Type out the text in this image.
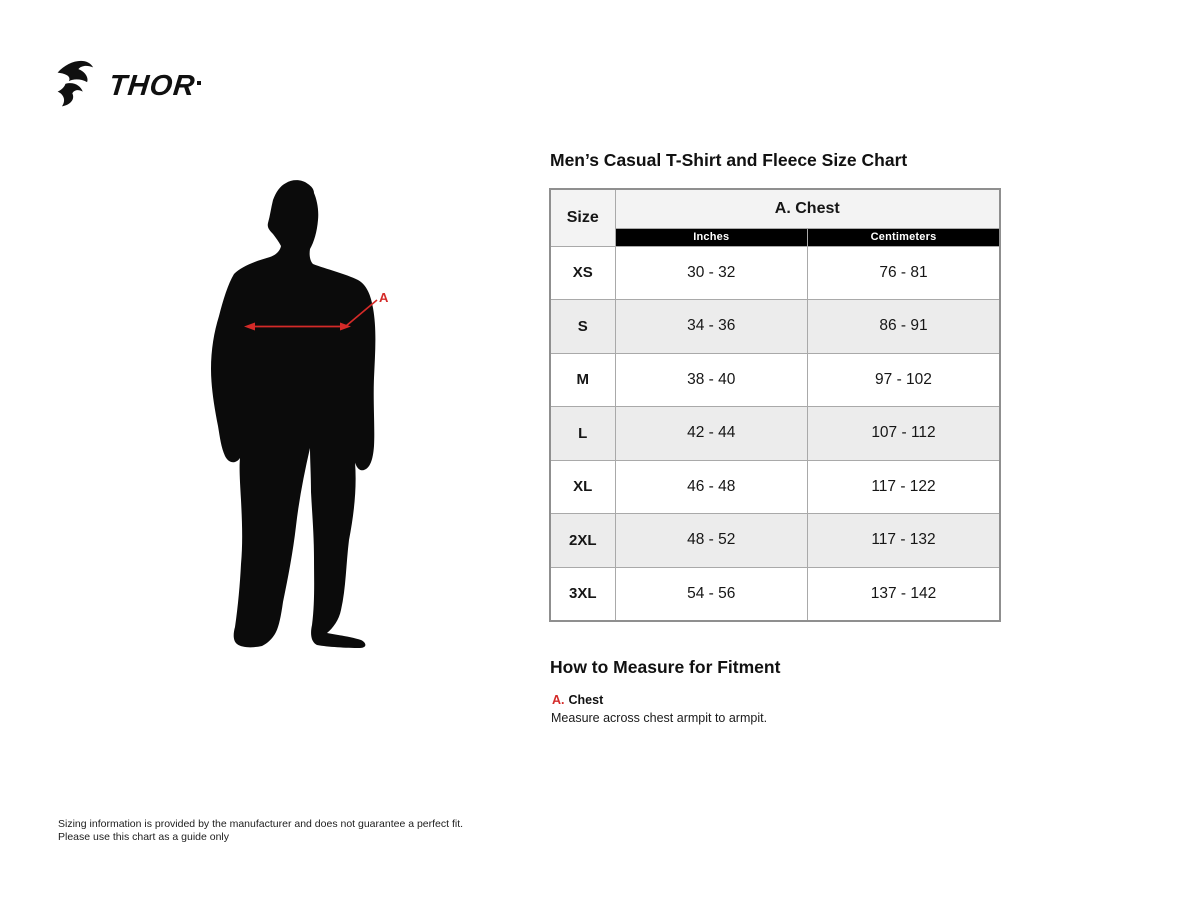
THOR
A
Men’s Casual T-Shirt and Fleece Size Chart
Size	A. Chest	
	Inches	Centimeters
XS	30 - 32	76 - 81
S	34 - 36	86 - 91
M	38 - 40	97 - 102
L	42 - 44	107 - 112
XL	46 - 48	117 - 122
2XL	48 - 52	117 - 132
3XL	54 - 56	137 - 142
How to Measure for Fitment
A. Chest
Measure across chest armpit to armpit.
Sizing information is provided by the manufacturer and does not guarantee a perfect fit.
Please use this chart as a guide only
